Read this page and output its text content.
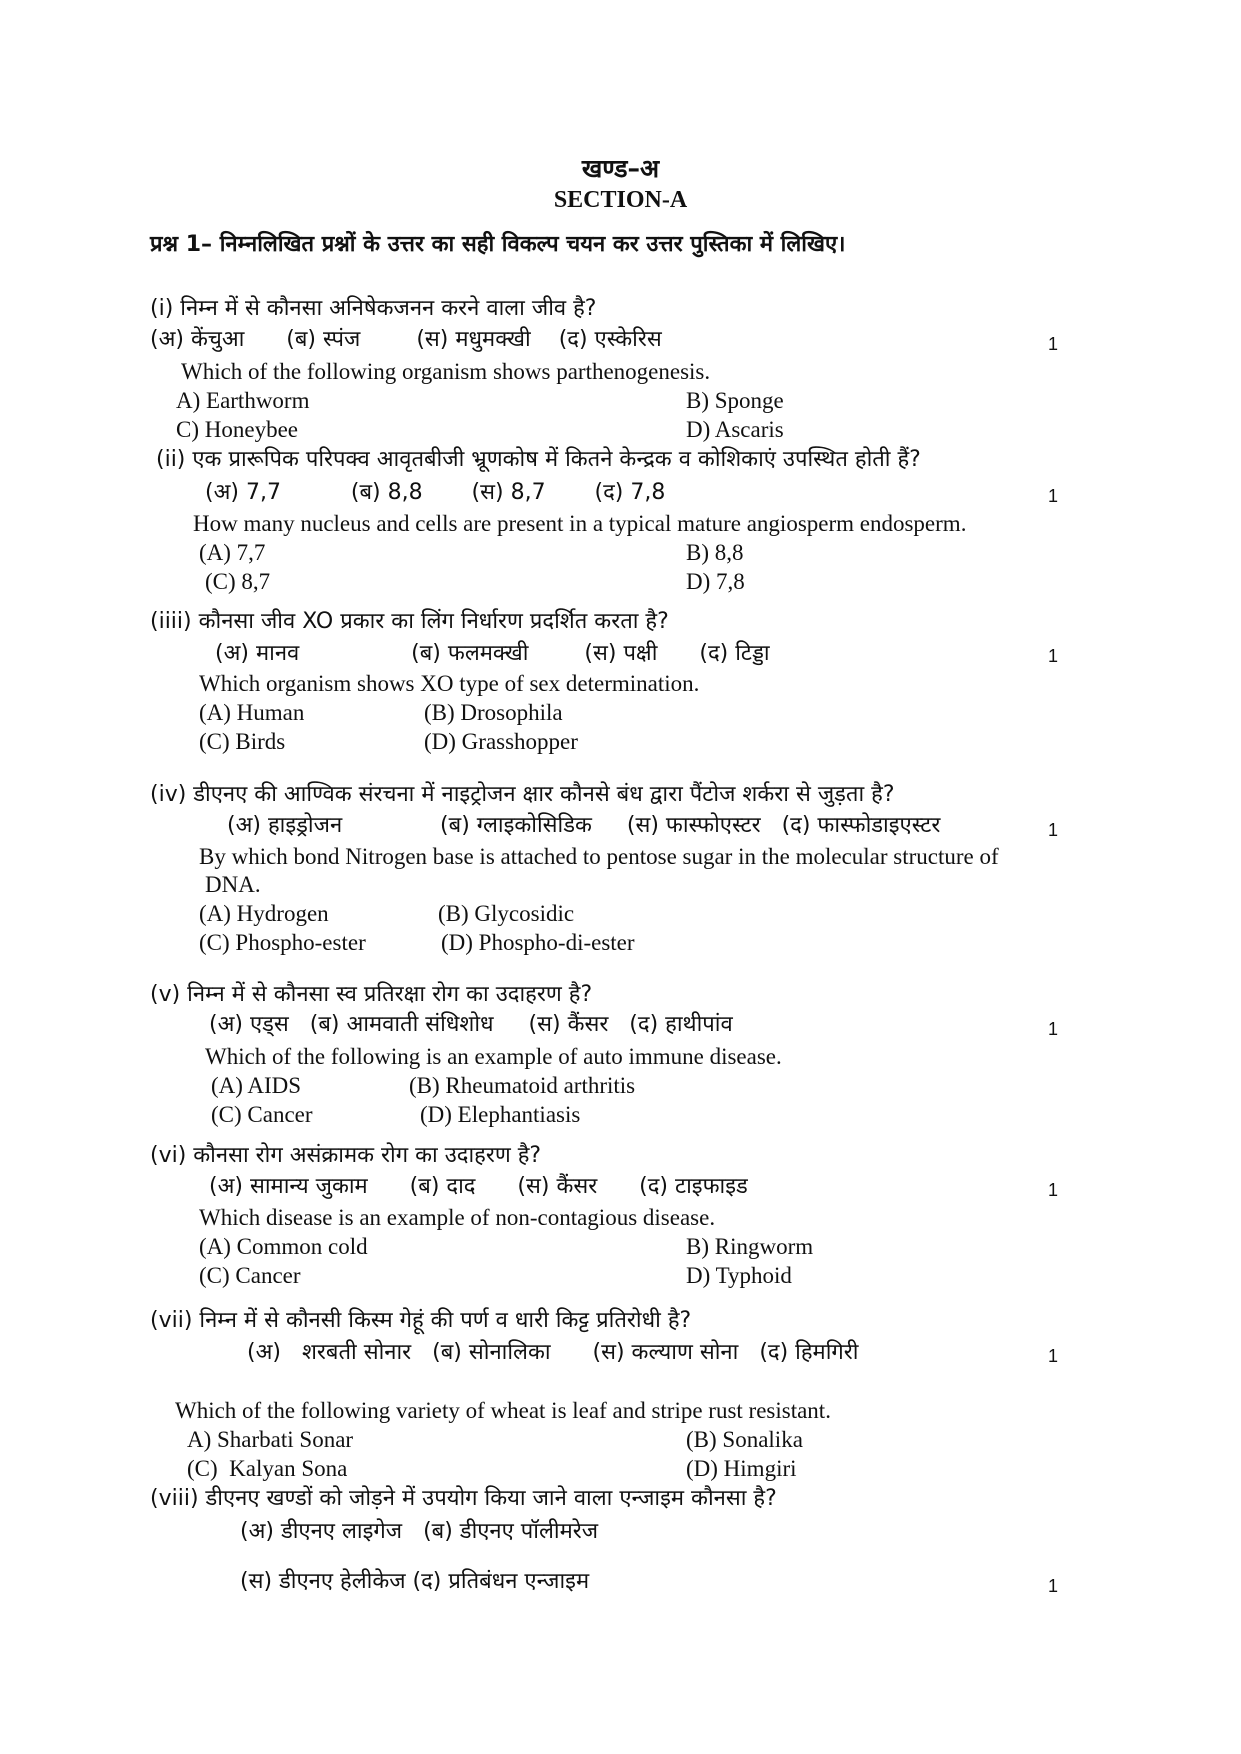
खण्ड–अ
SECTION-A
प्रश्न 1– निम्नलिखित प्रश्नों के उत्तर का सही विकल्प चयन कर उत्तर पुस्तिका में लिखिए।
(i) निम्न में से कौनसा अनिषेकजनन करने वाला जीव है?
(अ) केंचुआ      (ब) स्पंज        (स) मधुमक्खी    (द) एस्केरिस	1
Which of the following organism shows parthenogenesis.
A) Earthworm	B) Sponge
C) Honeybee	D) Ascaris
(ii) एक प्रारूपिक परिपक्व आवृतबीजी भ्रूणकोष में कितने केन्द्रक व कोशिकाएं उपस्थित होती हैं?
(अ) 7,7          (ब) 8,8       (स) 8,7       (द) 7,8	1
How many nucleus and cells are present in a typical mature angiosperm endosperm.
(A) 7,7	B) 8,8
(C) 8,7	D) 7,8
(iiii) कौनसा जीव XO प्रकार का लिंग निर्धारण प्रदर्शित करता है?
(अ) मानव                (ब) फलमक्खी        (स) पक्षी      (द) टिड्डा	1
Which organism shows XO type of sex determination.
(A) Human	(B) Drosophila
(C) Birds	(D) Grasshopper
(iv) डीएनए की आण्विक संरचना में नाइट्रोजन क्षार कौनसे बंध द्वारा पैंटोज शर्करा से जुड़ता है?
(अ) हाइड्रोजन              (ब) ग्लाइकोसिडिक     (स) फास्फोएस्टर   (द) फास्फोडाइएस्टर	1
By which bond Nitrogen base is attached to pentose sugar in the molecular structure of
DNA.
(A) Hydrogen	(B) Glycosidic
(C) Phospho-ester	(D) Phospho-di-ester
(v) निम्न में से कौनसा स्व प्रतिरक्षा रोग का उदाहरण है?
(अ) एड्स   (ब) आमवाती संधिशोध     (स) कैंसर   (द) हाथीपांव	1
Which of the following is an example of auto immune disease.
(A) AIDS	(B) Rheumatoid arthritis
(C) Cancer	(D) Elephantiasis
(vi) कौनसा रोग असंक्रामक रोग का उदाहरण है?
(अ) सामान्य जुकाम      (ब) दाद      (स) कैंसर      (द) टाइफाइड	1
Which disease is an example of non-contagious disease.
(A) Common cold	B) Ringworm
(C) Cancer	D) Typhoid
(vii) निम्न में से कौनसी किस्म गेहूं की पर्ण व धारी किट्ट प्रतिरोधी है?
(अ)   शरबती सोनार   (ब) सोनालिका      (स) कल्याण सोना   (द) हिमगिरी	1
Which of the following variety of wheat is leaf and stripe rust resistant.
A) Sharbati Sonar	(B) Sonalika
(C)  Kalyan Sona	(D) Himgiri
(viii) डीएनए खण्डों को जोड़ने में उपयोग किया जाने वाला एन्जाइम कौनसा है?
(अ) डीएनए लाइगेज   (ब) डीएनए पॉलीमरेज
(स) डीएनए हेलीकेज (द) प्रतिबंधन एन्जाइम	1
